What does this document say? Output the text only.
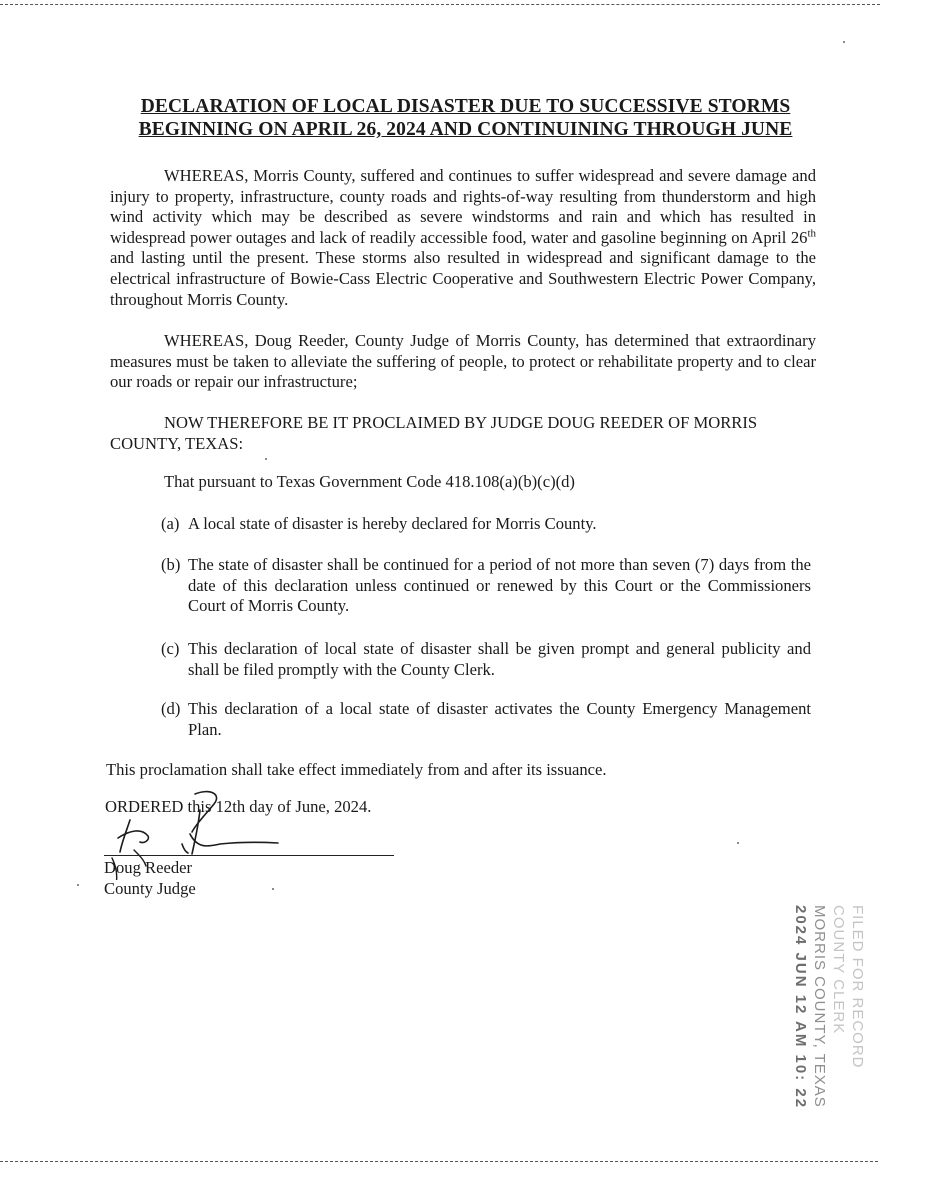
DECLARATION OF LOCAL DISASTER DUE TO SUCCESSIVE STORMS
BEGINNING ON APRIL 26, 2024 AND CONTINUINING THROUGH JUNE

WHEREAS, Morris County, suffered and continues to suffer widespread and severe damage and injury to property, infrastructure, county roads and rights-of-way resulting from thunderstorm and high wind activity which may be described as severe windstorms and rain and which has resulted in widespread power outages and lack of readily accessible food, water and gasoline beginning on April 26th and lasting until the present. These storms also resulted in widespread and significant damage to the electrical infrastructure of Bowie-Cass Electric Cooperative and Southwestern Electric Power Company, throughout Morris County.

WHEREAS, Doug Reeder, County Judge of Morris County, has determined that extraordinary measures must be taken to alleviate the suffering of people, to protect or rehabilitate property and to clear our roads or repair our infrastructure;

NOW THEREFORE BE IT PROCLAIMED BY JUDGE DOUG REEDER OF MORRIS COUNTY, TEXAS:

That pursuant to Texas Government Code 418.108(a)(b)(c)(d)

(a) A local state of disaster is hereby declared for Morris County.
(b) The state of disaster shall be continued for a period of not more than seven (7) days from the date of this declaration unless continued or renewed by this Court or the Commissioners Court of Morris County.
(c) This declaration of local state of disaster shall be given prompt and general publicity and shall be filed promptly with the County Clerk.
(d) This declaration of a local state of disaster activates the County Emergency Management Plan.

This proclamation shall take effect immediately from and after its issuance.

ORDERED this 12th day of June, 2024.

Doug Reeder
County Judge

FILED FOR RECORD
COUNTY CLERK
MORRIS COUNTY, TEXAS
2024 JUN 12 AM 10: 22
